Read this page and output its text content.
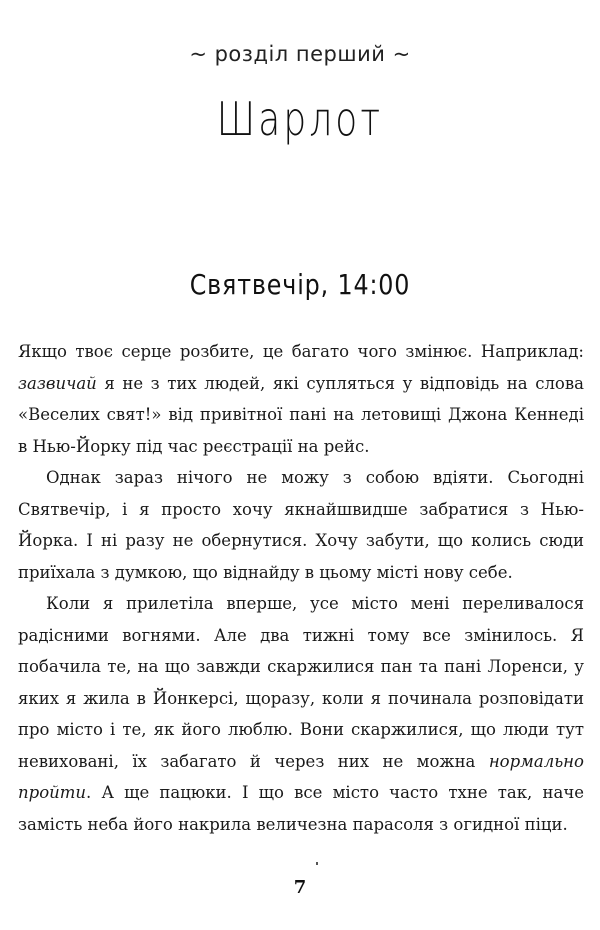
~ розділ перший ~
Шарлот
Святвечір, 14:00

Якщо твоє серце розбите, це багато чого змінює. Наприклад: зазвичай я не з тих людей, які супляться у відповідь на слова «Веселих свят!» від привітної пані на летовищі Джона Кеннеді в Нью-Йорку під час реєстрації на рейс.

Однак зараз нічого не можу з собою вдіяти. Сьогодні Святвечір, і я просто хочу якнайшвидше забратися з Нью-Йорка. І ні разу не обернутися. Хочу забути, що колись сюди приїхала з думкою, що віднайду в цьому місті нову себе.

Коли я прилетіла вперше, усе місто мені переливалося радісними вогнями. Але два тижні тому все змінилось. Я побачила те, на що завжди скаржилися пан та пані Лоренси, у яких я жила в Йонкерсі, щоразу, коли я починала розповідати про місто і те, як його люблю. Вони скаржилися, що люди тут невиховані, їх забагато й через них не можна нормально пройти. А ще пацюки. І що все місто часто тхне так, наче замість неба його накрила величезна парасоля з огидної піци.

7
